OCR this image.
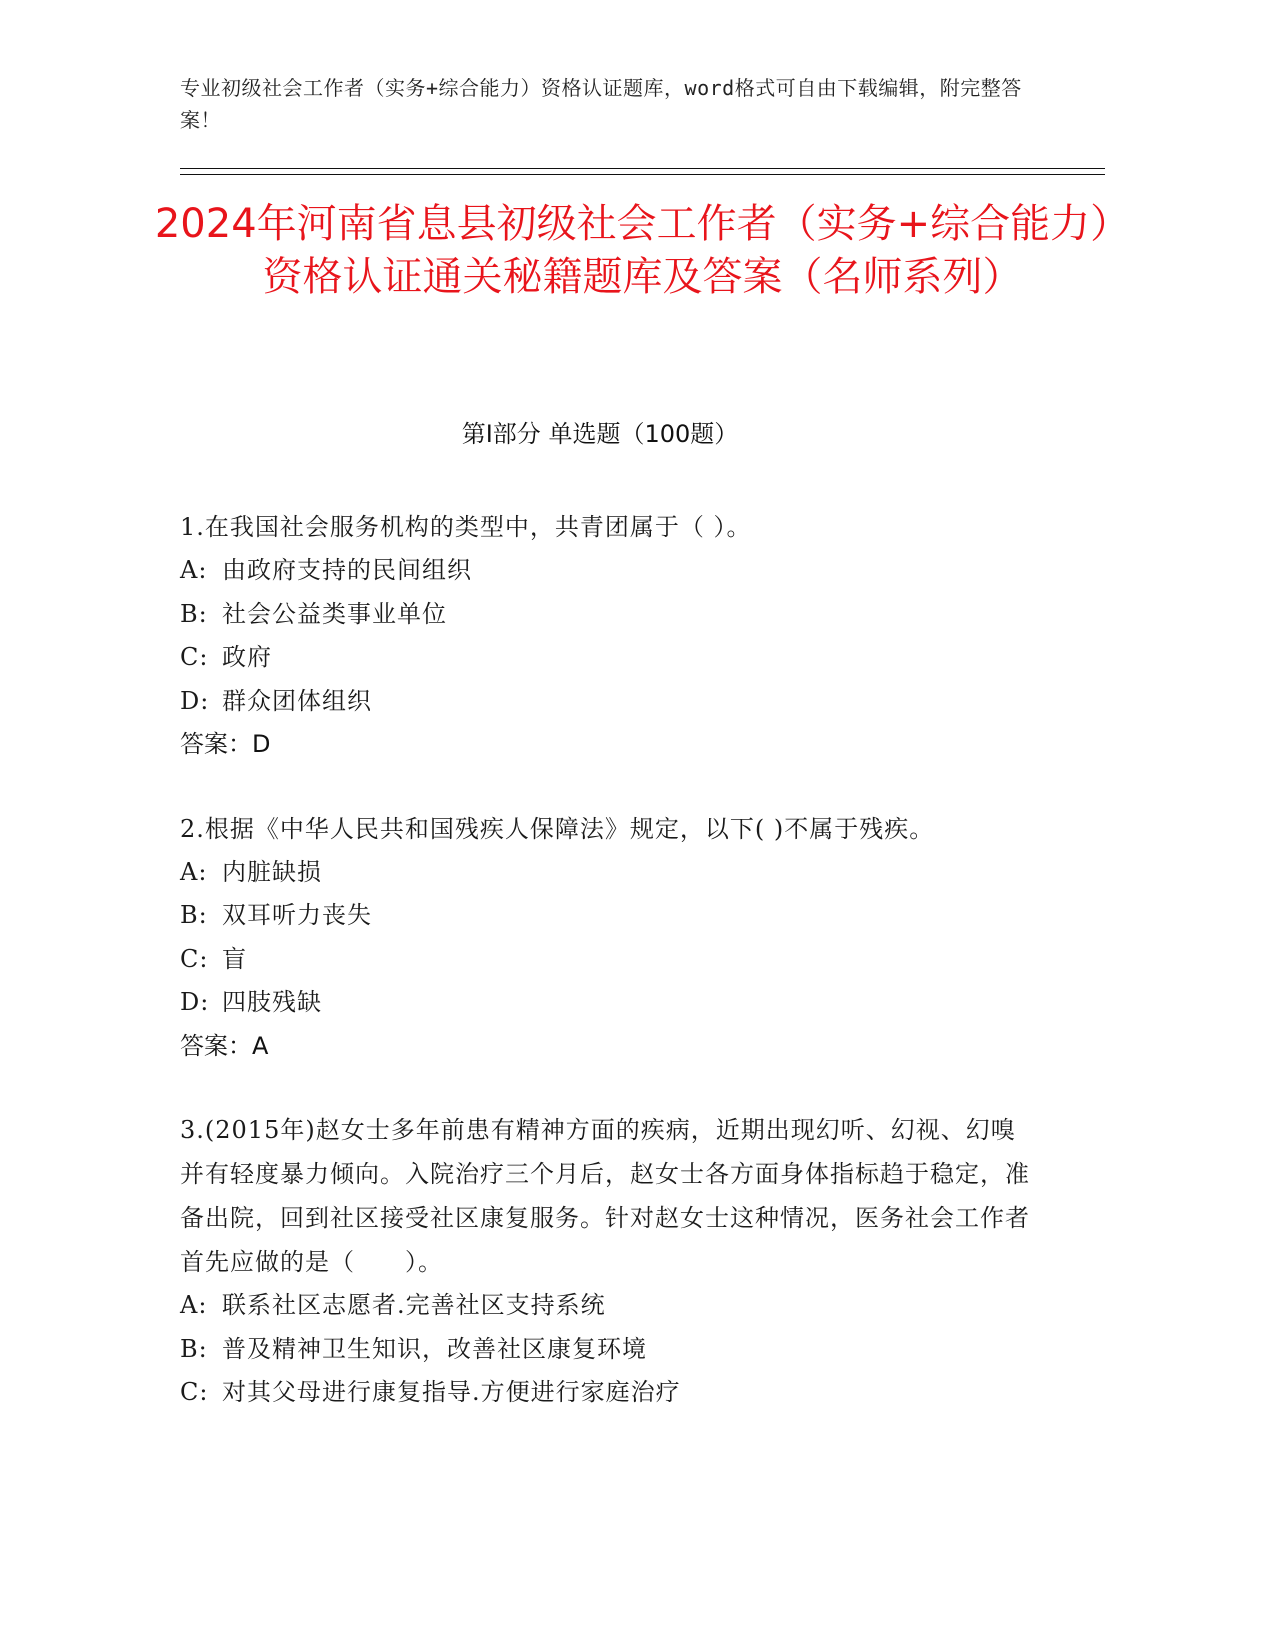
专业初级社会工作者（实务+综合能力）资格认证题库，word格式可自由下载编辑，附完整答案！

2024年河南省息县初级社会工作者（实务+综合能力）资格认证通关秘籍题库及答案（名师系列）
第Ⅰ部分 单选题（100题）

1.在我国社会服务机构的类型中，共青团属于（ ）。

A: 由政府支持的民间组织
B: 社会公益类事业单位
C: 政府
D: 群众团体组织
答案：D

2.根据《中华人民共和国残疾人保障法》规定，以下( )不属于残疾。

A: 内脏缺损
B: 双耳听力丧失
C: 盲
D: 四肢残缺
答案：A

3.(2015年)赵女士多年前患有精神方面的疾病，近期出现幻听、幻视、幻嗅并有轻度暴力倾向。入院治疗三个月后，赵女士各方面身体指标趋于稳定，准备出院，回到社区接受社区康复服务。针对赵女士这种情况，医务社会工作者首先应做的是（　　）。

A: 联系社区志愿者.完善社区支持系统
B: 普及精神卫生知识，改善社区康复环境
C: 对其父母进行康复指导.方便进行家庭治疗
